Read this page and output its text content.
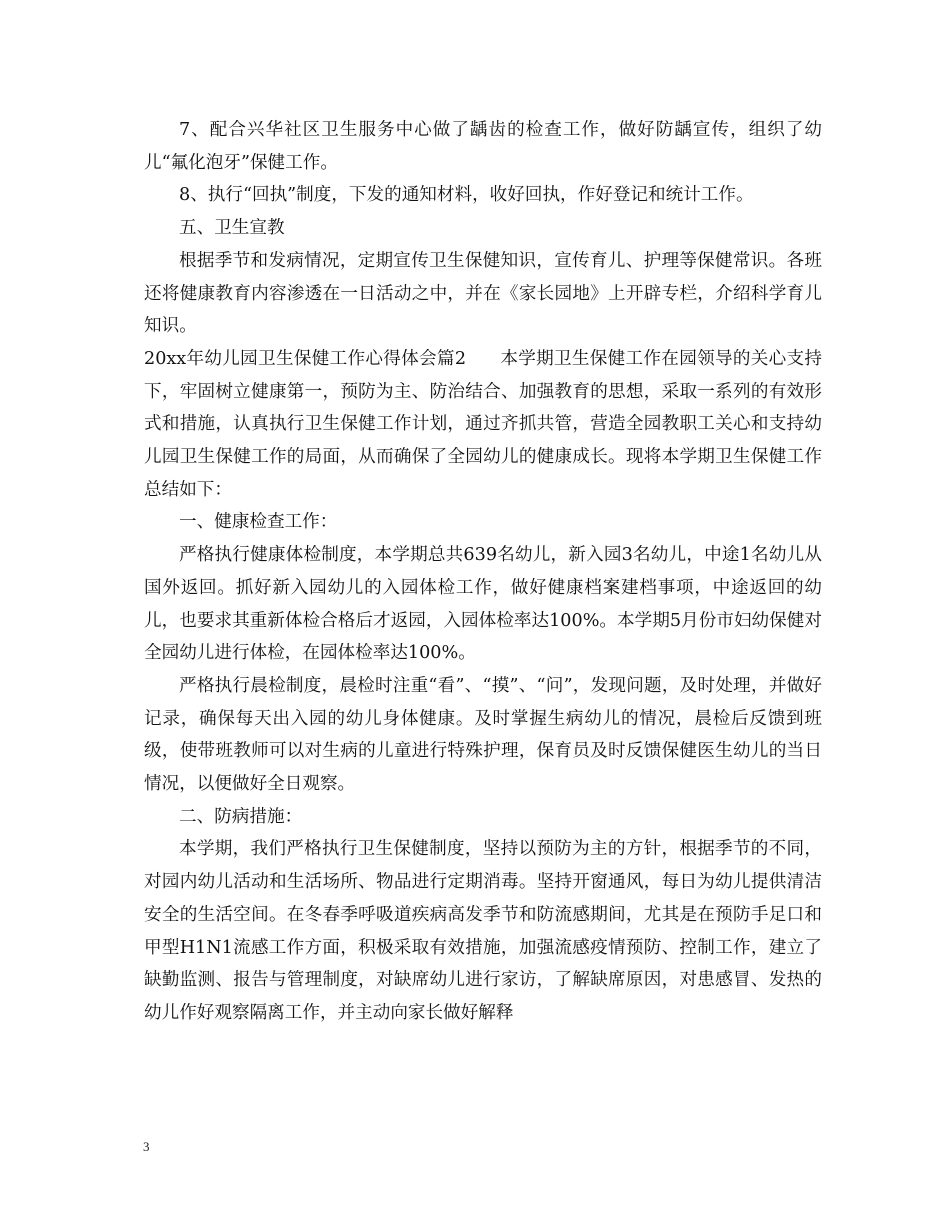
7、配合兴华社区卫生服务中心做了龋齿的检查工作，做好防龋宣传，组织了幼儿“氟化泡牙”保健工作。

8、执行“回执”制度，下发的通知材料，收好回执，作好登记和统计工作。

五、卫生宣教

根据季节和发病情况，定期宣传卫生保健知识，宣传育儿、护理等保健常识。各班还将健康教育内容渗透在一日活动之中，并在《家长园地》上开辟专栏，介绍科学育儿知识。

20xx年幼儿园卫生保健工作心得体会篇2 本学期卫生保健工作在园领导的关心支持下，牢固树立健康第一，预防为主、防治结合、加强教育的思想，采取一系列的有效形式和措施，认真执行卫生保健工作计划，通过齐抓共管，营造全园教职工关心和支持幼儿园卫生保健工作的局面，从而确保了全园幼儿的健康成长。现将本学期卫生保健工作总结如下：

一、健康检查工作：

严格执行健康体检制度，本学期总共639名幼儿，新入园3名幼儿，中途1名幼儿从国外返回。抓好新入园幼儿的入园体检工作，做好健康档案建档事项，中途返回的幼儿，也要求其重新体检合格后才返园，入园体检率达100%。本学期5月份市妇幼保健对全园幼儿进行体检，在园体检率达100%。

严格执行晨检制度，晨检时注重“看”、“摸”、“问”，发现问题，及时处理，并做好记录，确保每天出入园的幼儿身体健康。及时掌握生病幼儿的情况，晨检后反馈到班级，使带班教师可以对生病的儿童进行特殊护理，保育员及时反馈保健医生幼儿的当日情况，以便做好全日观察。

二、防病措施：

本学期，我们严格执行卫生保健制度，坚持以预防为主的方针，根据季节的不同，对园内幼儿活动和生活场所、物品进行定期消毒。坚持开窗通风，每日为幼儿提供清洁安全的生活空间。在冬春季呼吸道疾病高发季节和防流感期间，尤其是在预防手足口和甲型H1N1流感工作方面，积极采取有效措施，加强流感疫情预防、控制工作，建立了缺勤监测、报告与管理制度，对缺席幼儿进行家访，了解缺席原因，对患感冒、发热的幼儿作好观察隔离工作，并主动向家长做好解释

3
